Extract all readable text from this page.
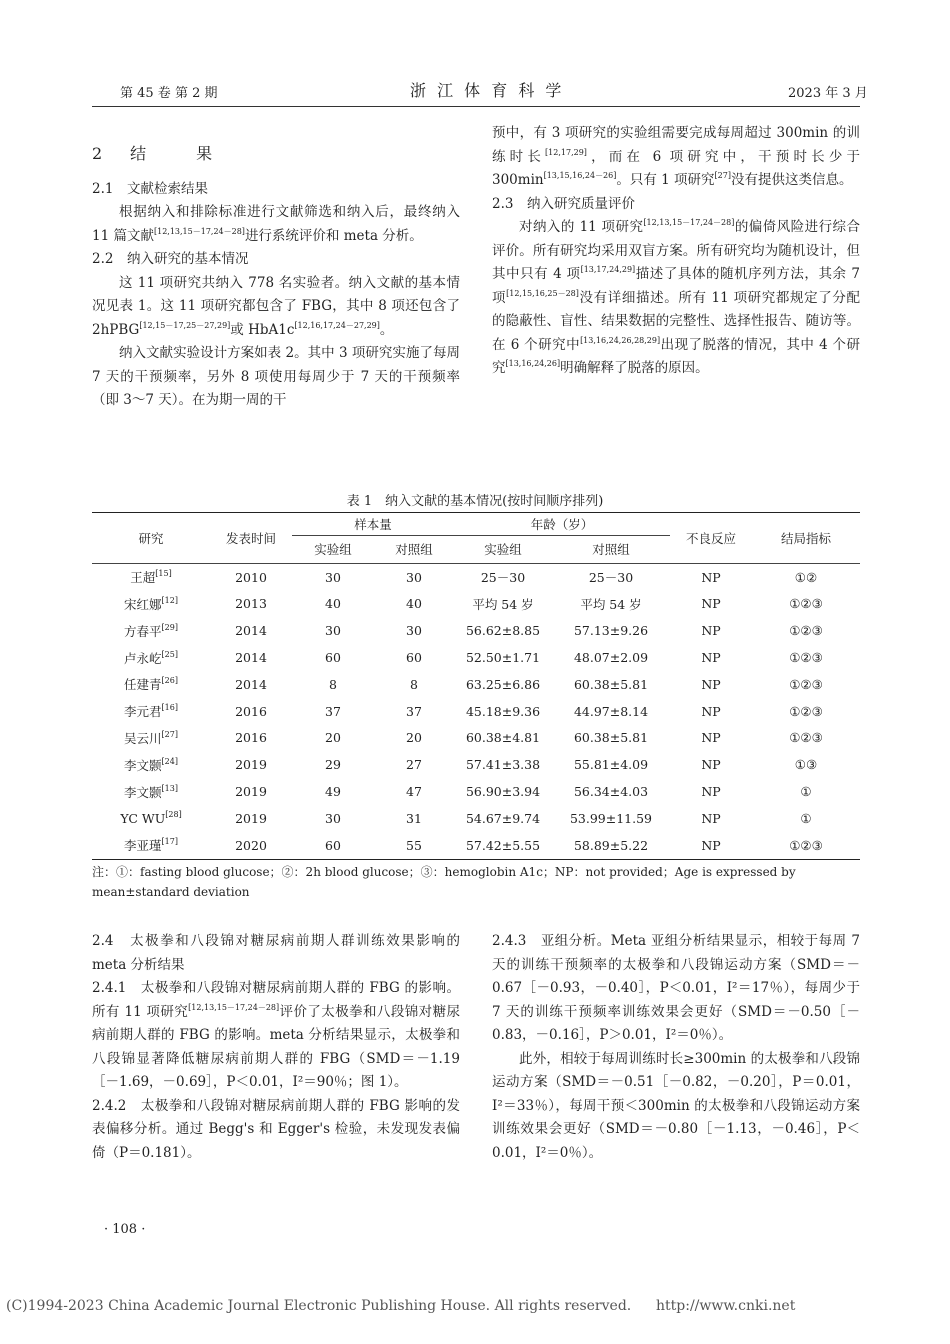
第 45 卷 第 2 期	浙 江 体 育 科 学	2023 年 3 月

2　结　　果

2.1　文献检索结果

根据纳入和排除标准进行文献筛选和纳入后，最终纳入 11 篇文献[12,13,15－17,24－28]进行系统评价和 meta 分析。

2.2　纳入研究的基本情况

这 11 项研究共纳入 778 名实验者。纳入文献的基本情况见表 1。这 11 项研究都包含了 FBG，其中 8 项还包含了 2hPBG[12,15－17,25－27,29]或 HbA1c[12,16,17,24－27,29]。

纳入文献实验设计方案如表 2。其中 3 项研究实施了每周 7 天的干预频率，另外 8 项使用每周少于 7 天的干预频率（即 3～7 天）。在为期一周的干

预中，有 3 项研究的实验组需要完成每周超过 300min 的训练时长[12,17,29]，而在 6 项研究中，干预时长少于 300min[13,15,16,24－26]。只有 1 项研究[27]没有提供这类信息。

2.3　纳入研究质量评价

对纳入的 11 项研究[12,13,15－17,24－28]的偏倚风险进行综合评价。所有研究均采用双盲方案。所有研究均为随机设计，但其中只有 4 项[13,17,24,29]描述了具体的随机序列方法，其余 7 项[12,15,16,25－28]没有详细描述。所有 11 项研究都规定了分配的隐蔽性、盲性、结果数据的完整性、选择性报告、随访等。在 6 个研究中[13,16,24,26,28,29]出现了脱落的情况，其中 4 个研究[13,16,24,26]明确解释了脱落的原因。

表 1　纳入文献的基本情况(按时间顺序排列)
研究	发表时间	样本量		年龄（岁）		不良反应	结局指标
		实验组	对照组	实验组	对照组		
王超[15]	2010	30	30	25－30	25－30	NP	①②
宋红娜[12]	2013	40	40	平均 54 岁	平均 54 岁	NP	①②③
方春平[29]	2014	30	30	56.62±8.85	57.13±9.26	NP	①②③
卢永屹[25]	2014	60	60	52.50±1.71	48.07±2.09	NP	①②③
任建青[26]	2014	8	8	63.25±6.86	60.38±5.81	NP	①②③
李元君[16]	2016	37	37	45.18±9.36	44.97±8.14	NP	①②③
吴云川[27]	2016	20	20	60.38±4.81	60.38±5.81	NP	①②③
李文颢[24]	2019	29	27	57.41±3.38	55.81±4.09	NP	①③
李文颢[13]	2019	49	47	56.90±3.94	56.34±4.03	NP	①
YC WU[28]	2019	30	31	54.67±9.74	53.99±11.59	NP	①
李亚瑾[17]	2020	60	55	57.42±5.55	58.89±5.22	NP	①②③
注：①：fasting blood glucose；②：2h blood glucose；③：hemoglobin A1c；NP：not provided；Age is expressed by mean±standard deviation

2.4　太极拳和八段锦对糖尿病前期人群训练效果影响的 meta 分析结果

2.4.1　太极拳和八段锦对糖尿病前期人群的 FBG 的影响。所有 11 项研究[12,13,15－17,24－28]评价了太极拳和八段锦对糖尿病前期人群的 FBG 的影响。meta 分析结果显示，太极拳和八段锦显著降低糖尿病前期人群的 FBG（SMD＝－1.19［－1.69，－0.69］，P＜0.01，I²＝90％；图 1）。

2.4.2　太极拳和八段锦对糖尿病前期人群的 FBG 影响的发表偏移分析。通过 Begg's 和 Egger's 检验，未发现发表偏倚（P＝0.181）。

2.4.3　亚组分析。Meta 亚组分析结果显示，相较于每周 7 天的训练干预频率的太极拳和八段锦运动方案（SMD＝－0.67［－0.93，－0.40］，P＜0.01，I²＝17％），每周少于 7 天的训练干预频率训练效果会更好（SMD＝－0.50［－0.83，－0.16］，P＞0.01，I²＝0％）。

此外，相较于每周训练时长≥300min 的太极拳和八段锦运动方案（SMD＝－0.51［－0.82，－0.20］，P＝0.01，I²＝33％），每周干预＜300min 的太极拳和八段锦运动方案训练效果会更好（SMD＝－0.80［－1.13，－0.46］，P＜0.01，I²＝0％）。

· 108 ·
(C)1994-2023 China Academic Journal Electronic Publishing House. All rights reserved. http://www.cnki.net
